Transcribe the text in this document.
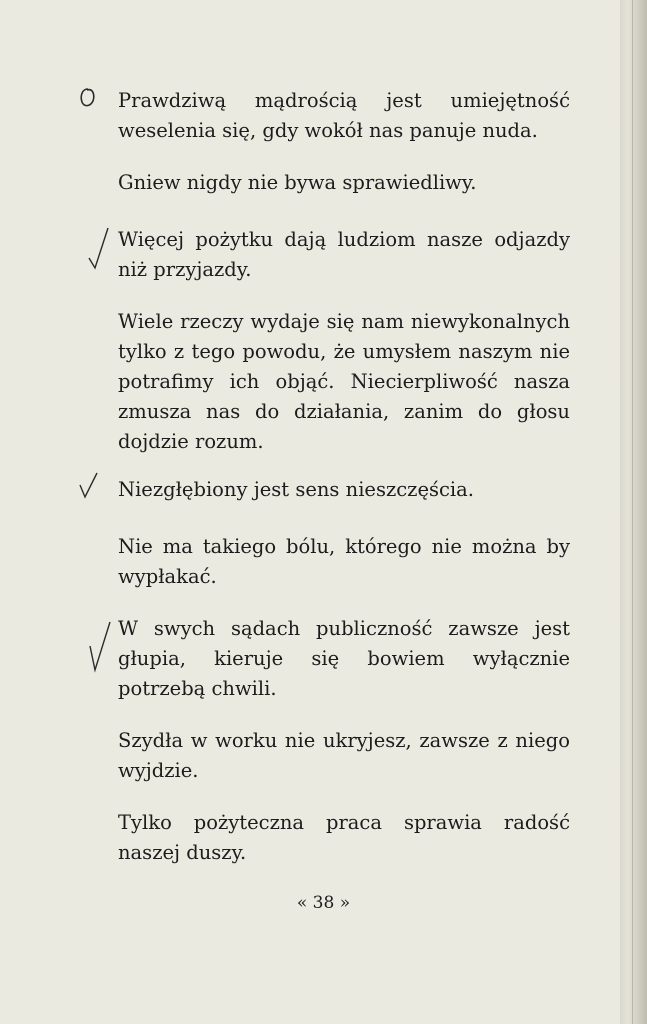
Prawdziwą mądrością jest umiejętność weselenia się, gdy wokół nas panuje nuda.
Gniew nigdy nie bywa sprawiedliwy.
Więcej pożytku dają ludziom nasze odjazdy niż przyjazdy.
Wiele rzeczy wydaje się nam niewykonalnych tylko z tego powodu, że umysłem naszym nie potrafimy ich objąć. Niecierpliwość nasza zmusza nas do działania, zanim do głosu dojdzie rozum.
Niezgłębiony jest sens nieszczęścia.
Nie ma takiego bólu, którego nie można by wypłakać.
W swych sądach publiczność zawsze jest głupia, kieruje się bowiem wyłącznie potrzebą chwili.
Szydła w worku nie ukryjesz, zawsze z niego wyjdzie.
Tylko pożyteczna praca sprawia radość naszej duszy.
« 38 »
